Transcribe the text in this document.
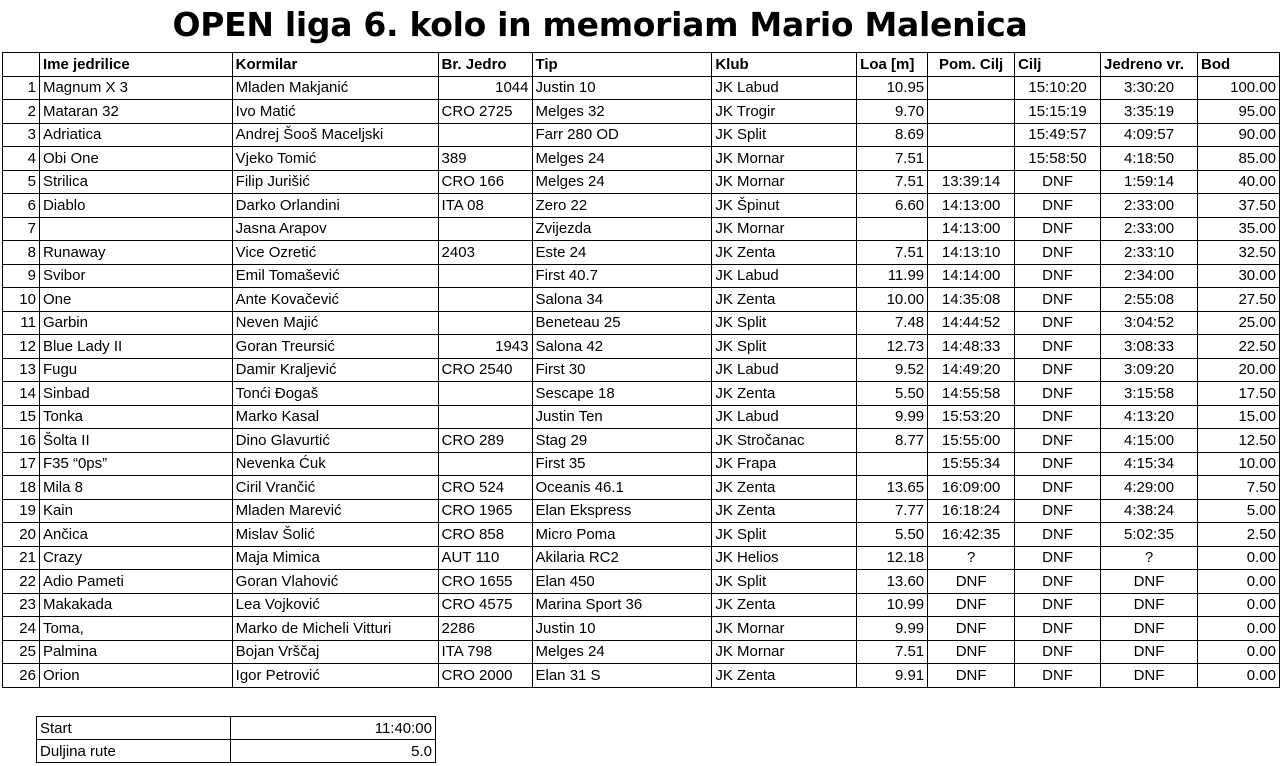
OPEN liga 6. kolo in memoriam Mario Malenica
	Ime jedrilice	Kormilar	Br. Jedro	Tip	Klub	Loa [m]	Pom. Cilj	Cilj	Jedreno vr.	Bod
1	Magnum X 3	Mladen Makjanić	1044	Justin 10	JK Labud	10.95		15:10:20	3:30:20	100.00
2	Mataran 32	Ivo Matić	CRO 2725	Melges 32	JK Trogir	9.70		15:15:19	3:35:19	95.00
3	Adriatica	Andrej Šooš Maceljski		Farr 280 OD	JK Split	8.69		15:49:57	4:09:57	90.00
4	Obi One	Vjeko Tomić	389	Melges 24	JK Mornar	7.51		15:58:50	4:18:50	85.00
5	Strilica	Filip Jurišić	CRO 166	Melges 24	JK Mornar	7.51	13:39:14	DNF	1:59:14	40.00
6	Diablo	Darko Orlandini	ITA 08	Zero 22	JK Špinut	6.60	14:13:00	DNF	2:33:00	37.50
7		Jasna Arapov		Zvijezda	JK Mornar		14:13:00	DNF	2:33:00	35.00
8	Runaway	Vice Ozretić	2403	Este 24	JK Zenta	7.51	14:13:10	DNF	2:33:10	32.50
9	Svibor	Emil Tomašević		First 40.7	JK Labud	11.99	14:14:00	DNF	2:34:00	30.00
10	One	Ante Kovačević		Salona 34	JK Zenta	10.00	14:35:08	DNF	2:55:08	27.50
11	Garbin	Neven Majić		Beneteau 25	JK Split	7.48	14:44:52	DNF	3:04:52	25.00
12	Blue Lady II	Goran Treursić	1943	Salona 42	JK Split	12.73	14:48:33	DNF	3:08:33	22.50
13	Fugu	Damir Kraljević	CRO 2540	First 30	JK Labud	9.52	14:49:20	DNF	3:09:20	20.00
14	Sinbad	Tonći Đogaš		Sescape 18	JK Zenta	5.50	14:55:58	DNF	3:15:58	17.50
15	Tonka	Marko Kasal		Justin Ten	JK Labud	9.99	15:53:20	DNF	4:13:20	15.00
16	Šolta II	Dino Glavurtić	CRO 289	Stag 29	JK Stročanac	8.77	15:55:00	DNF	4:15:00	12.50
17	F35 “0ps”	Nevenka Ćuk		First 35	JK Frapa		15:55:34	DNF	4:15:34	10.00
18	Mila 8	Ciril Vrančić	CRO 524	Oceanis 46.1	JK Zenta	13.65	16:09:00	DNF	4:29:00	7.50
19	Kain	Mladen Marević	CRO 1965	Elan Ekspress	JK Zenta	7.77	16:18:24	DNF	4:38:24	5.00
20	Ančica	Mislav Šolić	CRO 858	Micro Poma	JK Split	5.50	16:42:35	DNF	5:02:35	2.50
21	Crazy	Maja Mimica	AUT 110	Akilaria RC2	JK Helios	12.18	?	DNF	?	0.00
22	Adio Pameti	Goran Vlahović	CRO 1655	Elan 450	JK Split	13.60	DNF	DNF	DNF	0.00
23	Makakada	Lea Vojković	CRO 4575	Marina Sport 36	JK Zenta	10.99	DNF	DNF	DNF	0.00
24	Toma,	Marko de Micheli Vitturi	2286	Justin 10	JK Mornar	9.99	DNF	DNF	DNF	0.00
25	Palmina	Bojan Vrščaj	ITA 798	Melges 24	JK Mornar	7.51	DNF	DNF	DNF	0.00
26	Orion	Igor Petrović	CRO 2000	Elan 31 S	JK Zenta	9.91	DNF	DNF	DNF	0.00
Start	11:40:00
Duljina rute	5.0
